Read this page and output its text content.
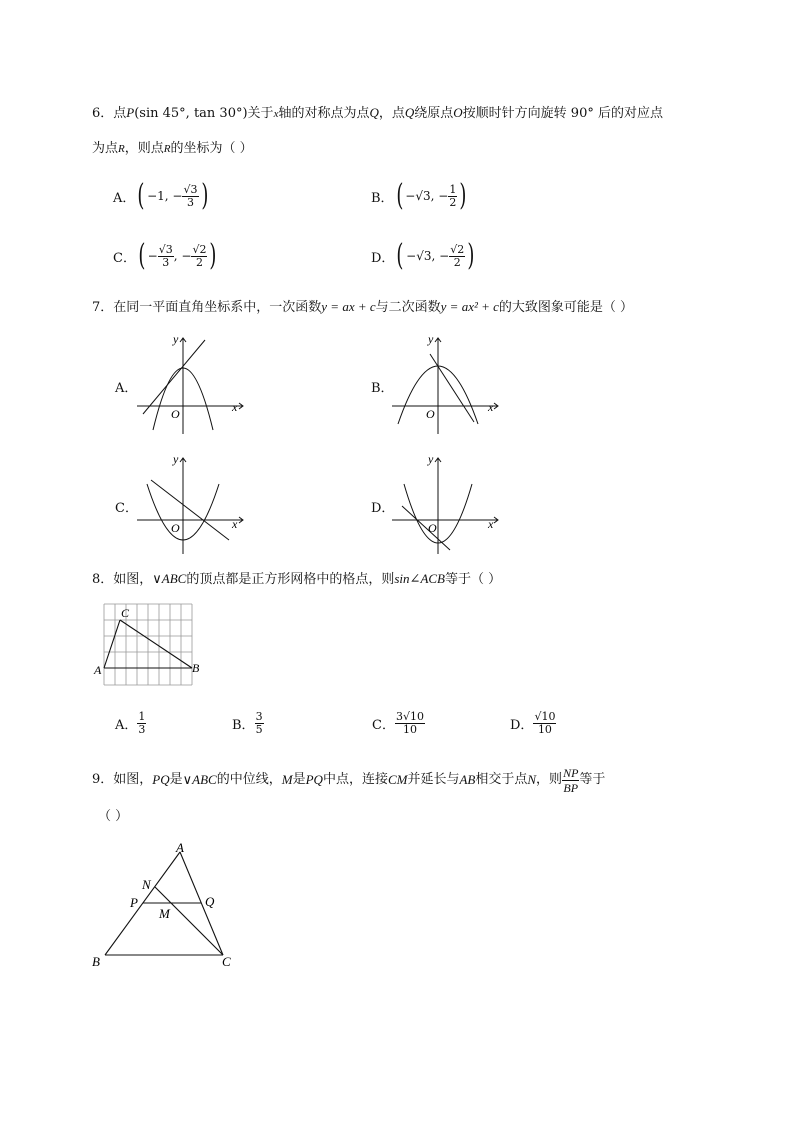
6．点P(sin 45°, tan 30°)关于x轴的对称点为点Q，点Q绕原点O按顺时针方向旋转 90° 后的对应点
为点R，则点R的坐标为（ ）
A． ( −1, − $\frac{√3}{3}$ )	B． ( −√3, − $\frac{1}{2}$ )
C． ( − $\frac{√3}{3}$ , − $\frac{√2}{2}$ )	D． ( −√3, − $\frac{√2}{2}$ )
7．在同一平面直角坐标系中，一次函数y = ax + c与二次函数y = ax² + c的大致图象可能是（ ）
A．	B．
C．	D．
y
x
O
y
x
O
y
x
O
y
x
O
8．如图，∨ABC的顶点都是正方形网格中的格点，则sin∠ACB等于（ ）
C
A	B
A． $\frac{1}{3}$	B． $\frac{3}{5}$	C． $\frac{3√10}{10}$	D． $\frac{√10}{10}$
9．如图， PQ 是 ∨ABC 的中位线， M 是 PQ 中点，连接 CM 并延长与 AB 相交于点 N ，则 $\frac{NP}{BP}$ 等于
（ ）
A
B	C
N
P	Q
M
